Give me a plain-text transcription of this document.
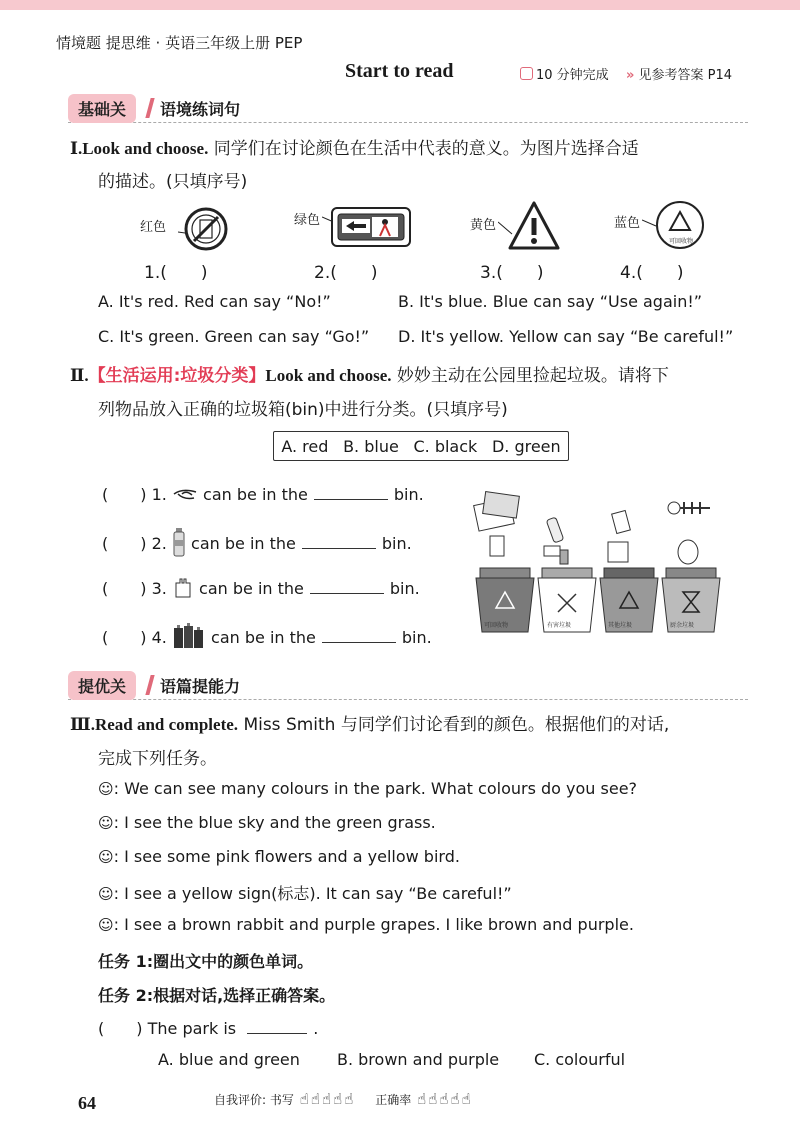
情境题 提思维 · 英语三年级上册 PEP
Start to read	10 分钟完成 » 见参考答案 P14
基础关	语境练词句
Ⅰ.Look and choose. 同学们在讨论颜色在生活中代表的意义。为图片选择合适
的描述。(只填序号)
红色	绿色	黄色	蓝色
可回收物
1.(　　)	2.(　　)	3.(　　)	4.(　　)
A. It's red. Red can say “No!”	B. It's blue. Blue can say “Use again!”
C. It's green. Green can say “Go!” D. It's yellow. Yellow can say “Be careful!”
Ⅱ.【生活运用:垃圾分类】Look and choose. 妙妙主动在公园里捡起垃圾。请将下
列物品放入正确的垃圾箱(bin)中进行分类。(只填序号)
A. red B. blue C. black D. green
(　　) 1. can be in the	bin.
(　　) 2. can be in the	bin.
(　　) 3. can be in the	bin.
(　　) 4.	can be in the	bin.
可回收物	有害垃圾	其他垃圾	厨余垃圾
提优关	语篇提能力
Ⅲ.Read and complete. Miss Smith 与同学们讨论看到的颜色。根据他们的对话,
完成下列任务。
☺: We can see many colours in the park. What colours do you see?
☺: I see the blue sky and the green grass.
☺: I see some pink flowers and a yellow bird.
☺: I see a yellow sign(标志). It can say “Be careful!”
☺: I see a brown rabbit and purple grapes. I like brown and purple.
任务 1:圈出文中的颜色单词。
任务 2:根据对话,选择正确答案。
(　　) The park is	.
A. blue and green B. brown and purple C. colourful
64	自我评价: 书写 ☝ ☝ ☝ ☝ ☝ 正确率 ☝ ☝ ☝ ☝ ☝
